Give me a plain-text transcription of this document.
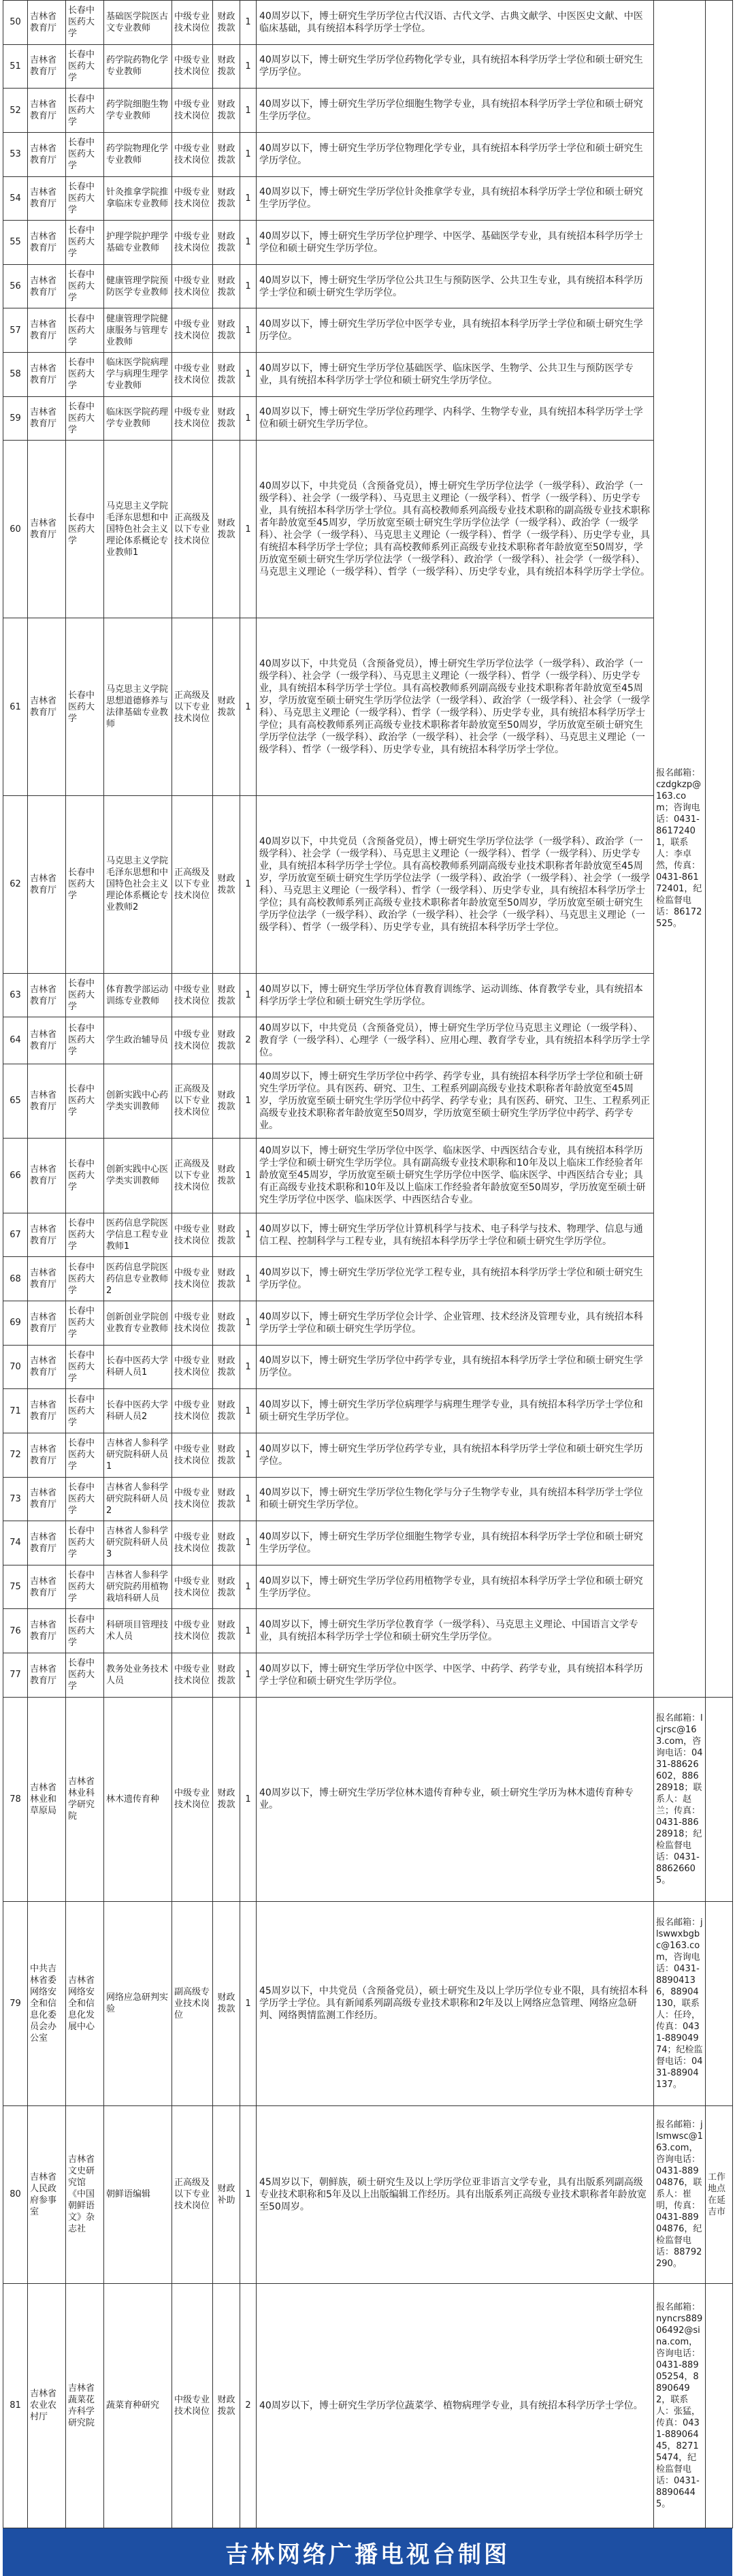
50	吉林省教育厅	长春中医药大学	基础医学院医古文专业教师	中级专业技术岗位	财政拨款	1	40周岁以下，博士研究生学历学位古代汉语、古代文学、古典文献学、中医医史文献、中医临床基础，具有统招本科学历学士学位。	报名邮箱：czdgkzp@163.com；咨询电话：0431-86172401，联系人：李卓然，传真：0431-86172401，纪检监督电话：86172525。	
51	吉林省教育厅	长春中医药大学	药学院药物化学专业教师	中级专业技术岗位	财政拨款	1	40周岁以下，博士研究生学历学位药物化学专业，具有统招本科学历学士学位和硕士研究生学历学位。		
52	吉林省教育厅	长春中医药大学	药学院细胞生物学专业教师	中级专业技术岗位	财政拨款	1	40周岁以下，博士研究生学历学位细胞生物学专业，具有统招本科学历学士学位和硕士研究生学历学位。		
53	吉林省教育厅	长春中医药大学	药学院物理化学专业教师	中级专业技术岗位	财政拨款	1	40周岁以下，博士研究生学历学位物理化学专业，具有统招本科学历学士学位和硕士研究生学历学位。		
54	吉林省教育厅	长春中医药大学	针灸推拿学院推拿临床专业教师	中级专业技术岗位	财政拨款	1	40周岁以下，博士研究生学历学位针灸推拿学专业，具有统招本科学历学士学位和硕士研究生学历学位。		
55	吉林省教育厅	长春中医药大学	护理学院护理学基础专业教师	中级专业技术岗位	财政拨款	1	40周岁以下，博士研究生学历学位护理学、中医学、基础医学专业，具有统招本科学历学士学位和硕士研究生学历学位。		
56	吉林省教育厅	长春中医药大学	健康管理学院预防医学专业教师	中级专业技术岗位	财政拨款	1	40周岁以下，博士研究生学历学位公共卫生与预防医学、公共卫生专业，具有统招本科学历学士学位和硕士研究生学历学位。		
57	吉林省教育厅	长春中医药大学	健康管理学院健康服务与管理专业教师	中级专业技术岗位	财政拨款	1	40周岁以下，博士研究生学历学位中医学专业，具有统招本科学历学士学位和硕士研究生学历学位。		
58	吉林省教育厅	长春中医药大学	临床医学院病理学与病理生理学专业教师	中级专业技术岗位	财政拨款	1	40周岁以下，博士研究生学历学位基础医学、临床医学、生物学、公共卫生与预防医学专业，具有统招本科学历学士学位和硕士研究生学历学位。		
59	吉林省教育厅	长春中医药大学	临床医学院药理学专业教师	中级专业技术岗位	财政拨款	1	40周岁以下，博士研究生学历学位药理学、内科学、生物学专业，具有统招本科学历学士学位和硕士研究生学历学位。		
60	吉林省教育厅	长春中医药大学	马克思主义学院毛泽东思想和中国特色社会主义理论体系概论专业教师1	正高级及以下专业技术岗位	财政拨款	1	40周岁以下，中共党员（含预备党员），博士研究生学历学位法学（一级学科）、政治学（一级学科）、社会学（一级学科）、马克思主义理论（一级学科）、哲学（一级学科）、历史学专业，具有统招本科学历学士学位。具有高校教师系列高级专业技术职称的副高级专业技术职称者年龄放宽至45周岁，学历放宽至硕士研究生学历学位法学（一级学科）、政治学（一级学科）、社会学（一级学科）、马克思主义理论（一级学科）、哲学（一级学科）、历史学专业，具有统招本科学历学士学位；具有高校教师系列正高级专业技术职称者年龄放宽至50周岁，学历放宽至硕士研究生学历学位法学（一级学科）、政治学（一级学科）、社会学（一级学科）、马克思主义理论（一级学科）、哲学（一级学科）、历史学专业，具有统招本科学历学士学位。		
61	吉林省教育厅	长春中医药大学	马克思主义学院思想道德修养与法律基础专业教师	正高级及以下专业技术岗位	财政拨款	1	40周岁以下，中共党员（含预备党员），博士研究生学历学位法学（一级学科）、政治学（一级学科）、社会学（一级学科）、马克思主义理论（一级学科）、哲学（一级学科）、历史学专业，具有统招本科学历学士学位。具有高校教师系列副高级专业技术职称者年龄放宽至45周岁，学历放宽至硕士研究生学历学位法学（一级学科）、政治学（一级学科）、社会学（一级学科）、马克思主义理论（一级学科）、哲学（一级学科）、历史学专业，具有统招本科学历学士学位；具有高校教师系列正高级专业技术职称者年龄放宽至50周岁，学历放宽至硕士研究生学历学位法学（一级学科）、政治学（一级学科）、社会学（一级学科）、马克思主义理论（一级学科）、哲学（一级学科）、历史学专业，具有统招本科学历学士学位。		
62	吉林省教育厅	长春中医药大学	马克思主义学院毛泽东思想和中国特色社会主义理论体系概论专业教师2	正高级及以下专业技术岗位	财政拨款	1	40周岁以下，中共党员（含预备党员），博士研究生学历学位法学（一级学科）、政治学（一级学科）、社会学（一级学科）、马克思主义理论（一级学科）、哲学（一级学科）、历史学专业，具有统招本科学历学士学位。具有高校教师系列副高级专业技术职称者年龄放宽至45周岁，学历放宽至硕士研究生学历学位法学（一级学科）、政治学（一级学科）、社会学（一级学科）、马克思主义理论（一级学科）、哲学（一级学科）、历史学专业，具有统招本科学历学士学位；具有高校教师系列正高级专业技术职称者年龄放宽至50周岁，学历放宽至硕士研究生学历学位法学（一级学科）、政治学（一级学科）、社会学（一级学科）、马克思主义理论（一级学科）、哲学（一级学科）、历史学专业，具有统招本科学历学士学位。		
63	吉林省教育厅	长春中医药大学	体育教学部运动训练专业教师	中级专业技术岗位	财政拨款	1	40周岁以下，博士研究生学历学位体育教育训练学、运动训练、体育教学专业，具有统招本科学历学士学位和硕士研究生学历学位。		
64	吉林省教育厅	长春中医药大学	学生政治辅导员	中级专业技术岗位	财政拨款	2	40周岁以下，中共党员（含预备党员），博士研究生学历学位马克思主义理论（一级学科）、教育学（一级学科）、心理学（一级学科）、应用心理、教育学专业，具有统招本科学历学士学位。		
65	吉林省教育厅	长春中医药大学	创新实践中心药学类实训教师	正高级及以下专业技术岗位	财政拨款	1	40周岁以下，博士研究生学历学位中药学、药学专业，具有统招本科学历学士学位和硕士研究生学历学位。具有医药、研究、卫生、工程系列副高级专业技术职称者年龄放宽至45周岁，学历放宽至硕士研究生学历学位中药学、药学专业；具有医药、研究、卫生、工程系列正高级专业技术职称者年龄放宽至50周岁，学历放宽至硕士研究生学历学位中药学、药学专业。		
66	吉林省教育厅	长春中医药大学	创新实践中心医学类实训教师	正高级及以下专业技术岗位	财政拨款	1	40周岁以下，博士研究生学历学位中医学、临床医学、中西医结合专业，具有统招本科学历学士学位和硕士研究生学历学位。具有副高级专业技术职称和10年及以上临床工作经验者年龄放宽至45周岁，学历放宽至硕士研究生学历学位中医学、临床医学、中西医结合专业；具有正高级专业技术职称和10年及以上临床工作经验者年龄放宽至50周岁，学历放宽至硕士研究生学历学位中医学、临床医学、中西医结合专业。		
67	吉林省教育厅	长春中医药大学	医药信息学院医学信息工程专业教师1	中级专业技术岗位	财政拨款	1	40周岁以下，博士研究生学历学位计算机科学与技术、电子科学与技术、物理学、信息与通信工程、控制科学与工程专业，具有统招本科学历学士学位和硕士研究生学历学位。		
68	吉林省教育厅	长春中医药大学	医药信息学院医药信息专业教师2	中级专业技术岗位	财政拨款	1	40周岁以下，博士研究生学历学位光学工程专业，具有统招本科学历学士学位和硕士研究生学历学位。		
69	吉林省教育厅	长春中医药大学	创新创业学院创业教育专业教师	中级专业技术岗位	财政拨款	1	40周岁以下，博士研究生学历学位会计学、企业管理、技术经济及管理专业，具有统招本科学历学士学位和硕士研究生学历学位。		
70	吉林省教育厅	长春中医药大学	长春中医药大学科研人员1	中级专业技术岗位	财政拨款	1	40周岁以下，博士研究生学历学位中药学专业，具有统招本科学历学士学位和硕士研究生学历学位。		
71	吉林省教育厅	长春中医药大学	长春中医药大学科研人员2	中级专业技术岗位	财政拨款	1	40周岁以下，博士研究生学历学位病理学与病理生理学专业，具有统招本科学历学士学位和硕士研究生学历学位。		
72	吉林省教育厅	长春中医药大学	吉林省人参科学研究院科研人员1	中级专业技术岗位	财政拨款	1	40周岁以下，博士研究生学历学位药学专业，具有统招本科学历学士学位和硕士研究生学历学位。		
73	吉林省教育厅	长春中医药大学	吉林省人参科学研究院科研人员2	中级专业技术岗位	财政拨款	1	40周岁以下，博士研究生学历学位生物化学与分子生物学专业，具有统招本科学历学士学位和硕士研究生学历学位。		
74	吉林省教育厅	长春中医药大学	吉林省人参科学研究院科研人员3	中级专业技术岗位	财政拨款	1	40周岁以下，博士研究生学历学位细胞生物学专业，具有统招本科学历学士学位和硕士研究生学历学位。		
75	吉林省教育厅	长春中医药大学	吉林省人参科学研究院药用植物栽培科研人员	中级专业技术岗位	财政拨款	1	40周岁以下，博士研究生学历学位药用植物学专业，具有统招本科学历学士学位和硕士研究生学历学位。		
76	吉林省教育厅	长春中医药大学	科研项目管理技术人员	中级专业技术岗位	财政拨款	1	40周岁以下，博士研究生学历学位教育学（一级学科）、马克思主义理论、中国语言文学专业，具有统招本科学历学士学位和硕士研究生学历学位。		
77	吉林省教育厅	长春中医药大学	教务处业务技术人员	中级专业技术岗位	财政拨款	1	40周岁以下，博士研究生学历学位中医学、中医学、中药学、药学专业，具有统招本科学历学士学位和硕士研究生学历学位。		
78	吉林省林业和草原局	吉林省林业科学研究院	林木遗传育种	中级专业技术岗位	财政拨款	1	40周岁以下，博士研究生学历学位林木遗传育种专业，硕士研究生学历为林木遗传育种专业。	报名邮箱：lcjrsc@163.com，咨询电话：0431-88626602，88628918；联系人：赵兰；传真：0431-88628918；纪检监督电话：0431-88626605。	
79	中共吉林省委网络安全和信息化委员会办公室	吉林省网络安全和信息化发展中心	网络应急研判实验	副高级专业技术岗位	财政拨款	1	45周岁以下，中共党员（含预备党员），硕士研究生及以上学历学位专业不限，具有统招本科学历学士学位。具有新闻系列副高级专业技术职称和2年及以上网络应急管理、网络应急研判、网络舆情监测工作经历。	报名邮箱：jlswwxbgbc@163.com，咨询电话：0431-88904136，88904130，联系人：任玲，传真：0431-88904974；纪检监督电话：0431-88904137。	
80	吉林省人民政府参事室	吉林省文史研究馆《中国朝鲜语文》杂志社	朝鲜语编辑	正高级及以下专业技术岗位	财政补助	1	45周岁以下，朝鲜族，硕士研究生及以上学历学位亚非语言文学专业，具有出版系列副高级专业技术职称和5年及以上出版编辑工作经历。具有出版系列正高级专业技术职称者年龄放宽至50周岁。	报名邮箱：jlsmwsc@163.com，咨询电话：0431-88904876，联系人：崔明，传真：0431-88904876，纪检监督电话：88792290。	工作地点在延吉市
81	吉林省农业农村厅	吉林省蔬菜花卉科学研究院	蔬菜育种研究	中级专业技术岗位	财政拨款	2	40周岁以下，博士研究生学历学位蔬菜学、植物病理学专业，具有统招本科学历学士学位。	报名邮箱：nyncrs88906492@sina.com，咨询电话：0431-88905254，88906492，联系人：张猛，传真：0431-88906445，82715474，纪检监督电话：0431-88906445。	
吉林网络广播电视台制图
